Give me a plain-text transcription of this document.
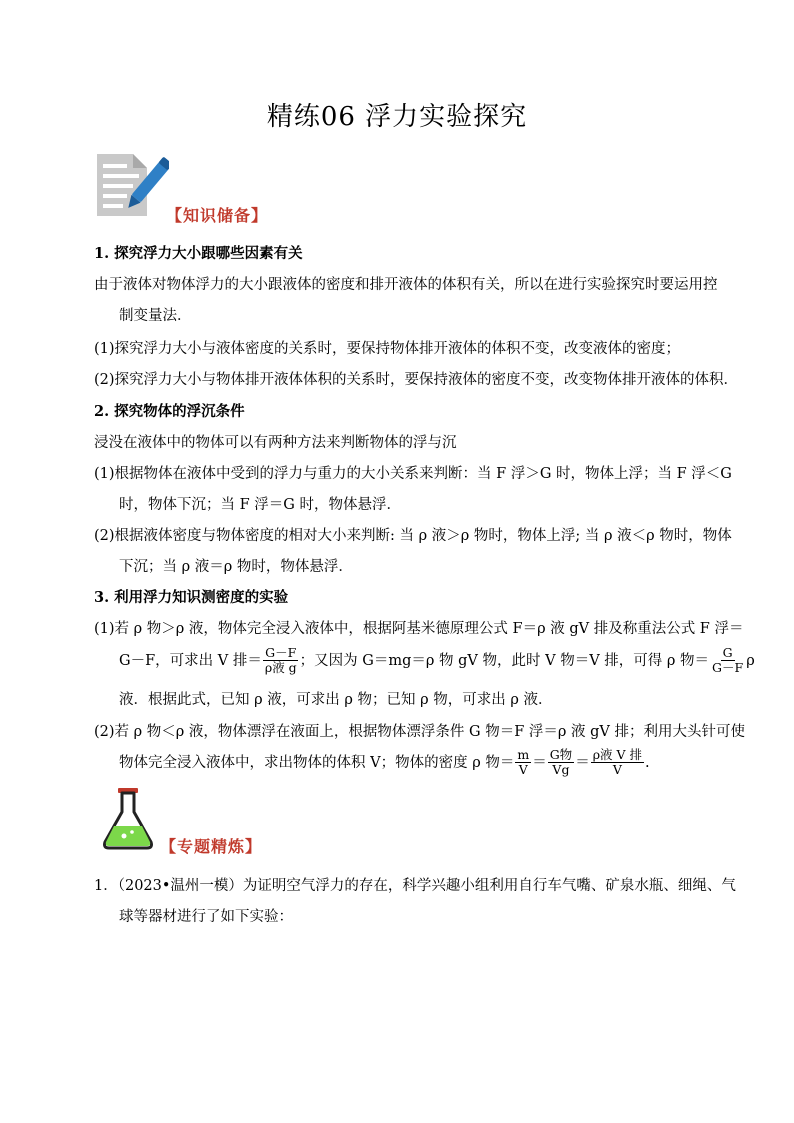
精练06 浮力实验探究
【知识储备】
1. 探究浮力大小跟哪些因素有关
由于液体对物体浮力的大小跟液体的密度和排开液体的体积有关，所以在进行实验探究时要运用控
制变量法．
(1)探究浮力大小与液体密度的关系时，要保持物体排开液体的体积不变，改变液体的密度；
(2)探究浮力大小与物体排开液体体积的关系时，要保持液体的密度不变，改变物体排开液体的体积．
2. 探究物体的浮沉条件
浸没在液体中的物体可以有两种方法来判断物体的浮与沉
(1)根据物体在液体中受到的浮力与重力的大小关系来判断：当 F 浮＞G 时，物体上浮；当 F 浮＜G
时，物体下沉；当 F 浮＝G 时，物体悬浮．
(2)根据液体密度与物体密度的相对大小来判断: 当 ρ 液＞ρ 物时，物体上浮; 当 ρ 液＜ρ 物时，物体
下沉；当 ρ 液＝ρ 物时，物体悬浮．
3. 利用浮力知识测密度的实验
(1)若 ρ 物＞ρ 液，物体完全浸入液体中，根据阿基米德原理公式 F＝ρ 液 gV 排及称重法公式 F 浮＝
G－F，可求出 V 排＝ $\frac{G-F}{\text{ρ液 g}}$ ；又因为 G＝mg＝ρ 物 gV 物，此时 V 物＝V 排，可得 ρ 物＝ $\frac{G}{G-F}$ ρ
液．根据此式，已知 ρ 液，可求出 ρ 物；已知 ρ 物，可求出 ρ 液．
(2)若 ρ 物＜ρ 液，物体漂浮在液面上，根据物体漂浮条件 G 物＝F 浮＝ρ 液 gV 排；利用大头针可使
物体完全浸入液体中，求出物体的体积 V；物体的密度 ρ 物＝ $\frac{m}{V} = \frac{\text{G物}}{Vg} = \frac{\text{ρ液 V 排}}{V}$ .
【专题精炼】
1．（2023•温州一模）为证明空气浮力的存在，科学兴趣小组利用自行车气嘴、矿泉水瓶、细绳、气
球等器材进行了如下实验：
